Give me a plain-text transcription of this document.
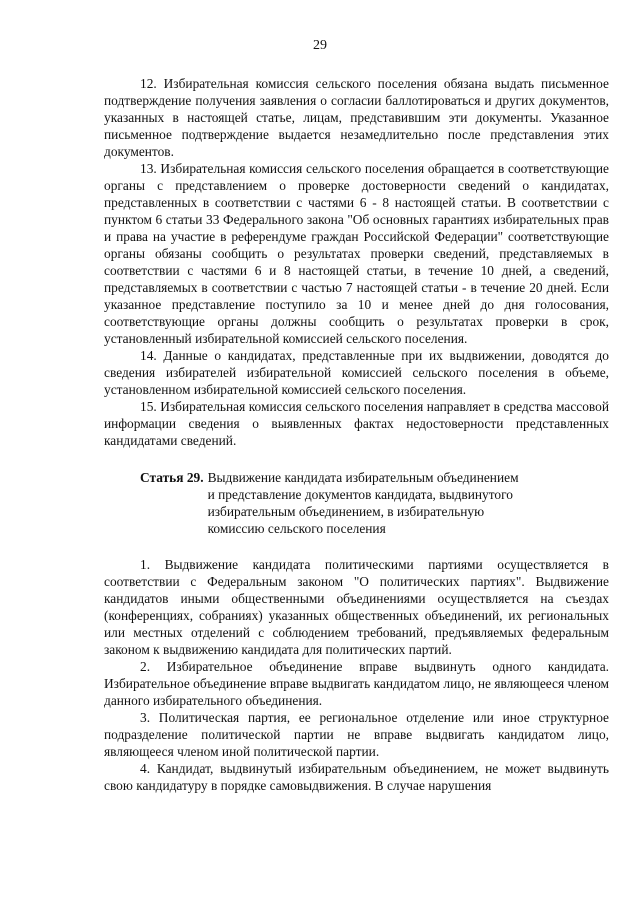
29

12. Избирательная комиссия сельского поселения обязана выдать письменное подтверждение получения заявления о согласии баллотироваться и других документов, указанных в настоящей статье, лицам, представившим эти документы. Указанное письменное подтверждение выдается незамедлительно после представления этих документов.

13. Избирательная комиссия сельского поселения обращается в соответствующие органы с представлением о проверке достоверности сведений о кандидатах, представленных в соответствии с частями 6 - 8 настоящей статьи. В соответствии с пунктом 6 статьи 33 Федерального закона "Об основных гарантиях избирательных прав и права на участие в референдуме граждан Российской Федерации" соответствующие органы обязаны сообщить о результатах проверки сведений, представляемых в соответствии с частями 6 и 8 настоящей статьи, в течение 10 дней, а сведений, представляемых в соответствии с частью 7 настоящей статьи - в течение 20 дней. Если указанное представление поступило за 10 и менее дней до дня голосования, соответствующие органы должны сообщить о результатах проверки в срок, установленный избирательной комиссией сельского поселения.

14. Данные о кандидатах, представленные при их выдвижении, доводятся до сведения избирателей избирательной комиссией сельского поселения в объеме, установленном избирательной комиссией сельского поселения.

15. Избирательная комиссия сельского поселения направляет в средства массовой информации сведения о выявленных фактах недостоверности представленных кандидатами сведений.

Статья 29. Выдвижение кандидата избирательным объединением
и представление документов кандидата, выдвинутого
избирательным объединением, в избирательную
комиссию сельского поселения

1. Выдвижение кандидата политическими партиями осуществляется в соответствии с Федеральным законом "О политических партиях". Выдвижение кандидатов иными общественными объединениями осуществляется на съездах (конференциях, собраниях) указанных общественных объединений, их региональных или местных отделений с соблюдением требований, предъявляемых федеральным законом к выдвижению кандидата для политических партий.

2. Избирательное объединение вправе выдвинуть одного кандидата. Избирательное объединение вправе выдвигать кандидатом лицо, не являющееся членом данного избирательного объединения.

3. Политическая партия, ее региональное отделение или иное структурное подразделение политической партии не вправе выдвигать кандидатом лицо, являющееся членом иной политической партии.

4. Кандидат, выдвинутый избирательным объединением, не может выдвинуть свою кандидатуру в порядке самовыдвижения. В случае нарушения
